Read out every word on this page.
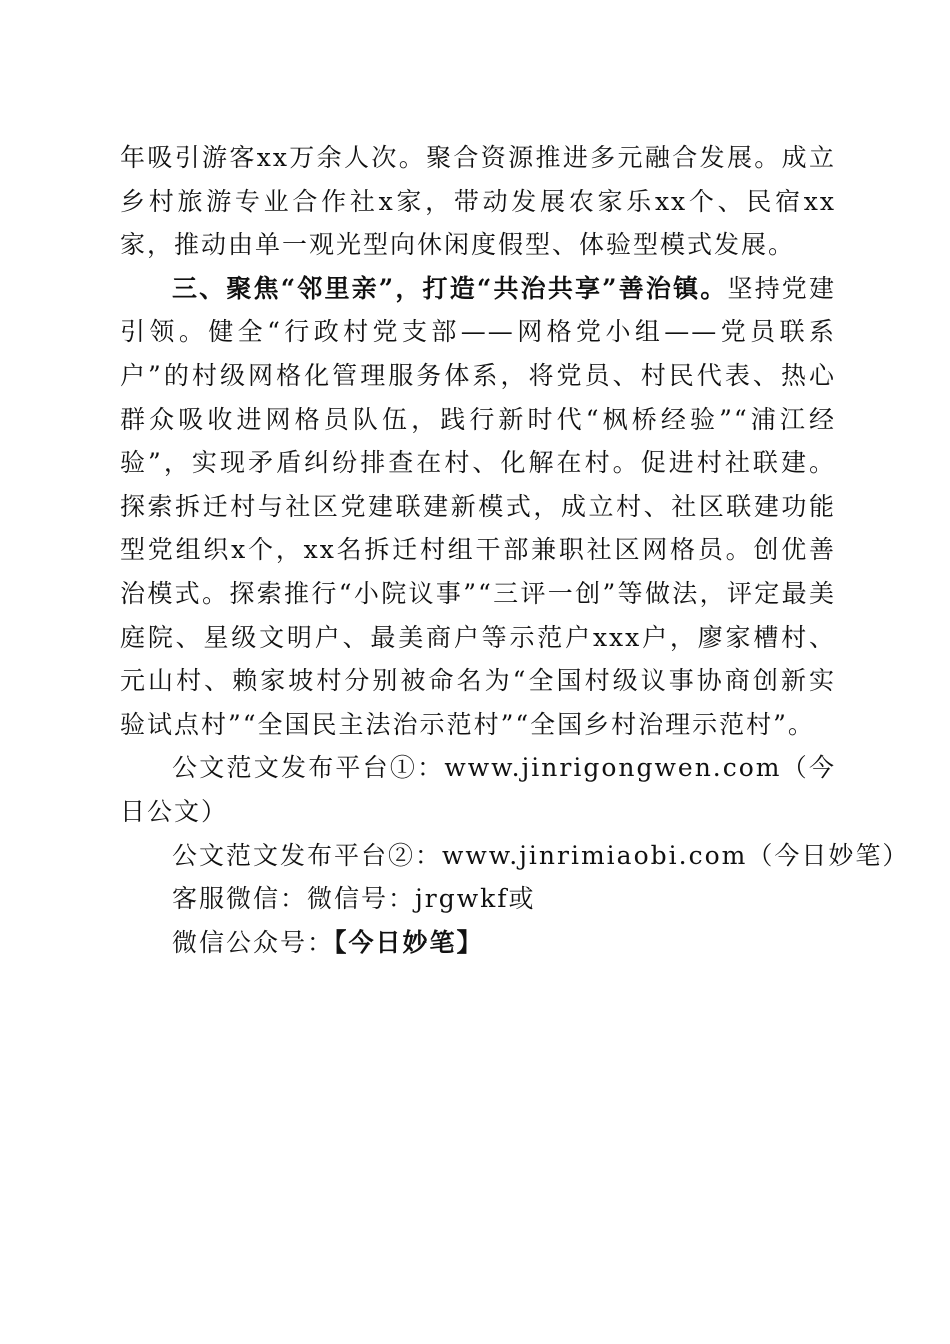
年吸引游客xx万余人次。聚合资源推进多元融合发展。成立乡村旅游专业合作社x家，带动发展农家乐xx个、民宿xx家，推动由单一观光型向休闲度假型、体验型模式发展。

三、聚焦“邻里亲”，打造“共治共享”善治镇。坚持党建引领。健全“行政村党支部——网格党小组——党员联系户”的村级网格化管理服务体系，将党员、村民代表、热心群众吸收进网格员队伍，践行新时代“枫桥经验”“浦江经验”，实现矛盾纠纷排查在村、化解在村。促进村社联建。探索拆迁村与社区党建联建新模式，成立村、社区联建功能型党组织x个，xx名拆迁村组干部兼职社区网格员。创优善治模式。探索推行“小院议事”“三评一创”等做法，评定最美庭院、星级文明户、最美商户等示范户xxx户，廖家槽村、元山村、赖家坡村分别被命名为“全国村级议事协商创新实验试点村”“全国民主法治示范村”“全国乡村治理示范村”。

公文范文发布平台①：www.jinrigongwen.com（今日公文）

公文范文发布平台②：www.jinrimiaobi.com（今日妙笔）

客服微信：微信号：jrgwkf或

微信公众号：【今日妙笔】
